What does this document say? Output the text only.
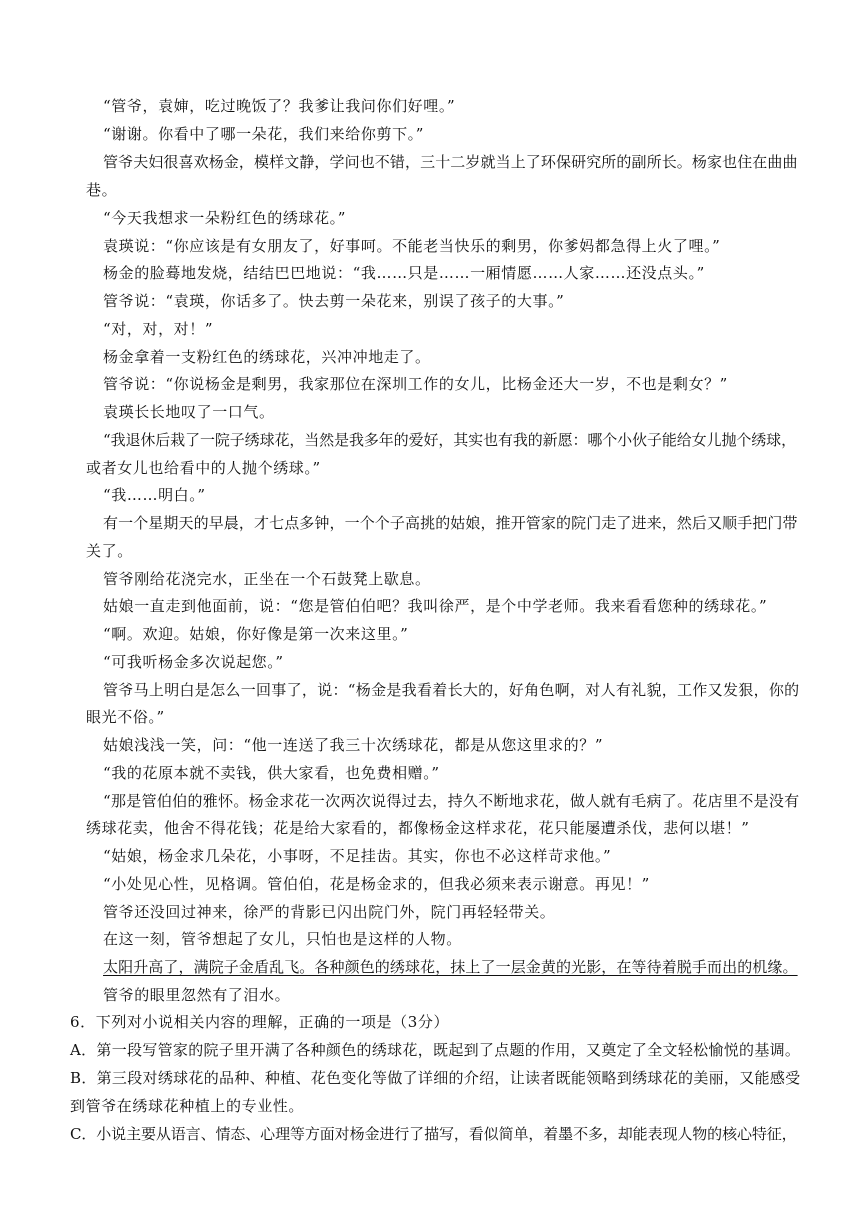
“管爷，袁婶，吃过晚饭了？我爹让我问你们好哩。”
“谢谢。你看中了哪一朵花，我们来给你剪下。”
管爷夫妇很喜欢杨金，模样文静，学问也不错，三十二岁就当上了环保研究所的副所长。杨家也住在曲曲
巷。
“今天我想求一朵粉红色的绣球花。”
袁瑛说：“你应该是有女朋友了，好事呵。不能老当快乐的剩男，你爹妈都急得上火了哩。”
杨金的脸蓦地发烧，结结巴巴地说：“我……只是……一厢情愿……人家……还没点头。”
管爷说：“袁瑛，你话多了。快去剪一朵花来，别误了孩子的大事。”
“对，对，对！”
杨金拿着一支粉红色的绣球花，兴冲冲地走了。
管爷说：“你说杨金是剩男，我家那位在深圳工作的女儿，比杨金还大一岁，不也是剩女？”
袁瑛长长地叹了一口气。
“我退休后栽了一院子绣球花，当然是我多年的爱好，其实也有我的新愿：哪个小伙子能给女儿抛个绣球，
或者女儿也给看中的人抛个绣球。”
“我……明白。”
有一个星期天的早晨，才七点多钟，一个个子高挑的姑娘，推开管家的院门走了进来，然后又顺手把门带
关了。
管爷刚给花浇完水，正坐在一个石鼓凳上歇息。
姑娘一直走到他面前，说：“您是管伯伯吧？我叫徐严，是个中学老师。我来看看您种的绣球花。”
“啊。欢迎。姑娘，你好像是第一次来这里。”
“可我听杨金多次说起您。”
管爷马上明白是怎么一回事了，说：“杨金是我看着长大的，好角色啊，对人有礼貌，工作又发狠，你的
眼光不俗。”
姑娘浅浅一笑，问：“他一连送了我三十次绣球花，都是从您这里求的？”
“我的花原本就不卖钱，供大家看，也免费相赠。”
“那是管伯伯的雅怀。杨金求花一次两次说得过去，持久不断地求花，做人就有毛病了。花店里不是没有
绣球花卖，他舍不得花钱；花是给大家看的，都像杨金这样求花，花只能屡遭杀伐，悲何以堪！”
“姑娘，杨金求几朵花，小事呀，不足挂齿。其实，你也不必这样苛求他。”
“小处见心性，见格调。管伯伯，花是杨金求的，但我必须来表示谢意。再见！”
管爷还没回过神来，徐严的背影已闪出院门外，院门再轻轻带关。
在这一刻，管爷想起了女儿，只怕也是这样的人物。
太阳升高了，满院子金盾乱飞。各种颜色的绣球花，抹上了一层金黄的光影，在等待着脱手而出的机缘。
管爷的眼里忽然有了泪水。
6．下列对小说相关内容的理解，正确的一项是（3分）
A．第一段写管家的院子里开满了各种颜色的绣球花，既起到了点题的作用，又奠定了全文轻松愉悦的基调。
B．第三段对绣球花的品种、种植、花色变化等做了详细的介绍，让读者既能领略到绣球花的美丽，又能感受
到管爷在绣球花种植上的专业性。
C．小说主要从语言、情态、心理等方面对杨金进行了描写，看似简单，着墨不多，却能表现人物的核心特征，
